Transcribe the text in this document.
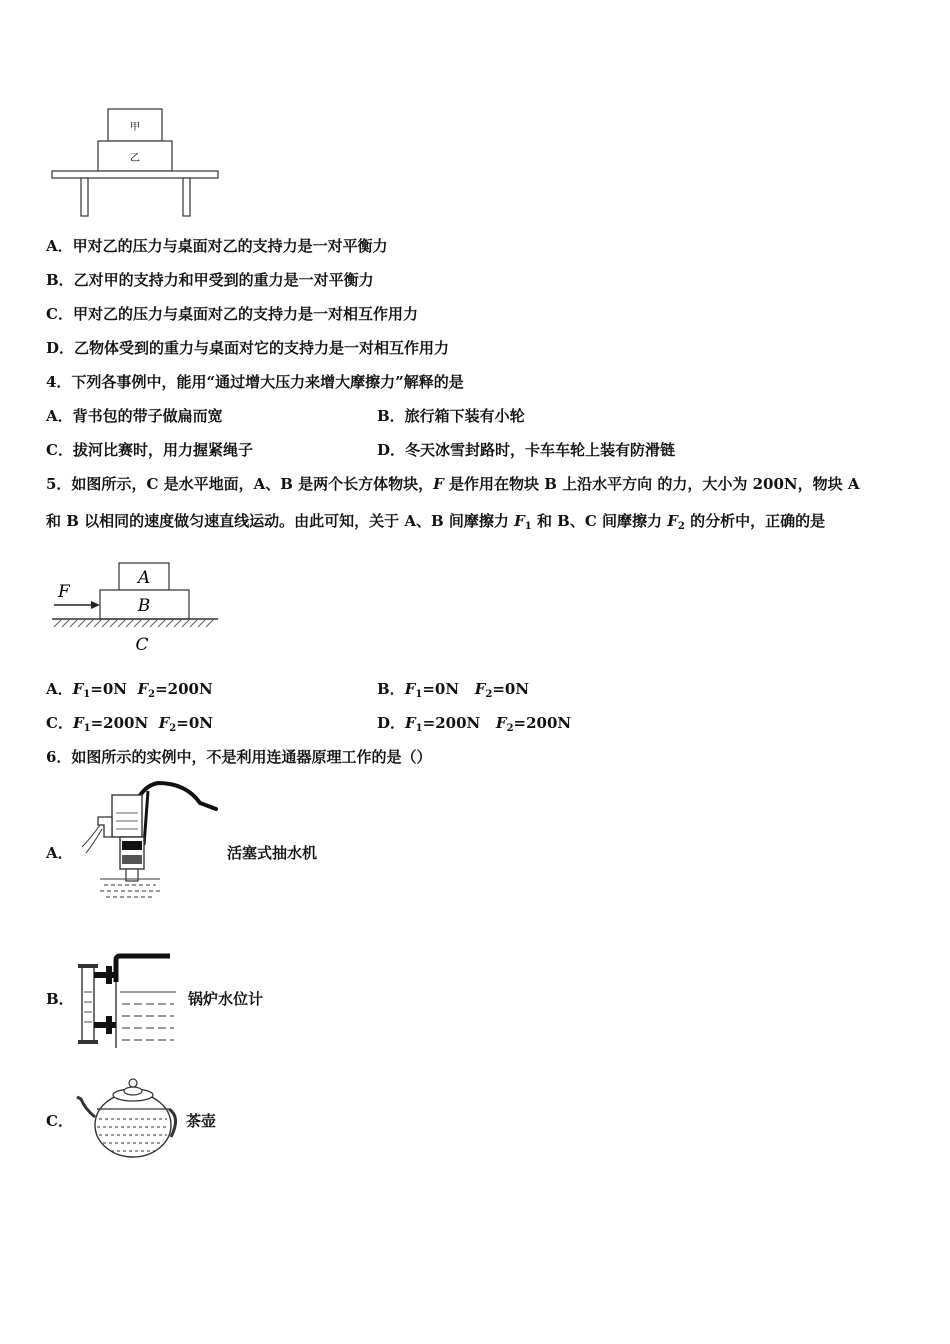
甲
乙
A．甲对乙的压力与桌面对乙的支持力是一对平衡力
B．乙对甲的支持力和甲受到的重力是一对平衡力
C．甲对乙的压力与桌面对乙的支持力是一对相互作用力
D．乙物体受到的重力与桌面对它的支持力是一对相互作用力
4．下列各事例中，能用“通过增大压力来增大摩擦力”解释的是
A．背书包的带子做扁而宽	B．旅行箱下装有小轮
C．拔河比赛时，用力握紧绳子	D．冬天冰雪封路时，卡车车轮上装有防滑链
5．如图所示，C 是水平地面，A、B 是两个长方体物块，F 是作用在物块 B 上沿水平方向 的力，大小为 200N，物块 A
和 B 以相同的速度做匀速直线运动。由此可知，关于 A、B 间摩擦力 $F_1$ 和 B、C 间摩擦力 $F_2$ 的分析中，正确的是
F
A
B
C
A．$F_1=0N$ $F_2=200N$	B．$F_1=0N$ $F_2=0N$
C．$F_1=200N$ $F_2=0N$	D．$F_1=200N$ $F_2=200N$
6．如图所示的实例中，不是利用连通器原理工作的是（）
A．	活塞式抽水机
B．	锅炉水位计
C．	茶壶
